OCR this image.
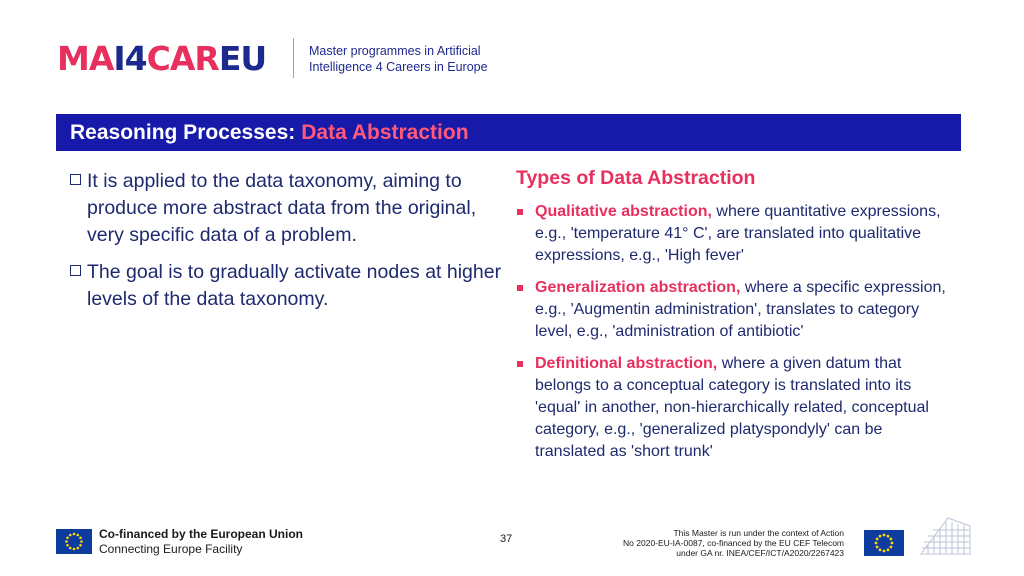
MA I4 CAR EU	Master programmes in Artificial
Intelligence 4 Careers in Europe
Reasoning Processes: Data Abstraction
It is applied to the data taxonomy, aiming to produce more abstract data from the original, very specific data of a problem.
The goal is to gradually activate nodes at higher levels of the data taxonomy.
Types of Data Abstraction
Qualitative abstraction, where quantitative expressions, e.g., 'temperature 41° C', are translated into qualitative expressions, e.g., 'High fever'
Generalization abstraction, where a specific expression, e.g., 'Augmentin administration', translates to category level, e.g., 'administration of antibiotic'
Definitional abstraction, where a given datum that belongs to a conceptual category is translated into its 'equal' in another, non-hierarchically related, conceptual category, e.g., 'generalized platyspondyly' can be translated as 'short trunk'
Co-financed by the European Union
Connecting Europe Facility
37	This Master is run under the context of Action
No 2020-EU-IA-0087, co-financed by the EU CEF Telecom
under GA nr. INEA/CEF/ICT/A2020/2267423
